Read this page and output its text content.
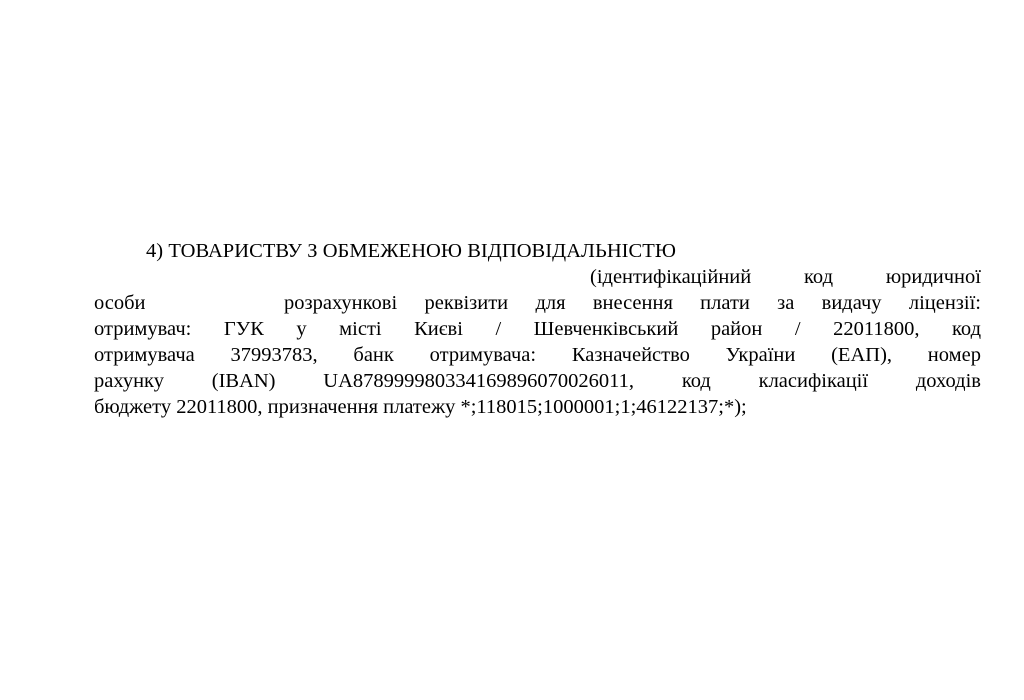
4) ТОВАРИСТВУ З ОБМЕЖЕНОЮ ВІДПОВІДАЛЬНІСТЮ
(ідентифікаційний	код	юридичної
особи	розрахункові реквізити для внесення плати за видачу ліцензії:
отримувач: ГУК у місті Києві / Шевченківський район / 22011800, код
отримувача 37993783, банк отримувача: Казначейство України (ЕАП), номер
рахунку (IBAN) UA878999980334169896070026011, код класифікації доходів
бюджету 22011800, призначення платежу *;118015;1000001;1;46122137;*);
